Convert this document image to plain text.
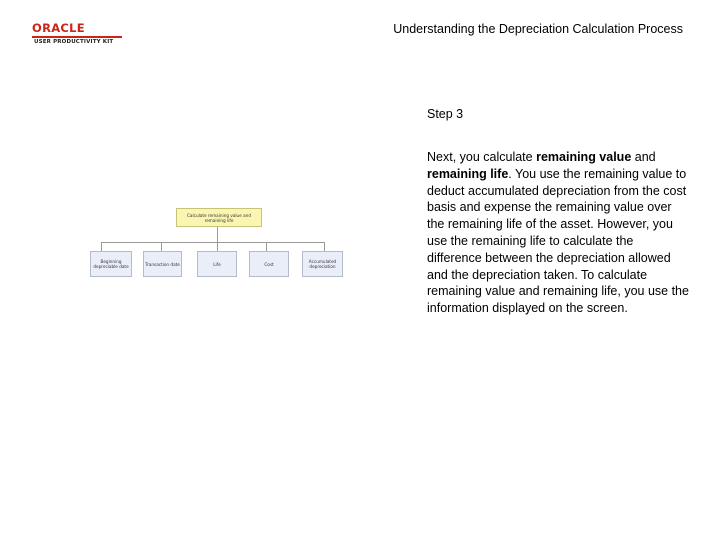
ORACLE
USER PRODUCTIVITY KIT
Understanding the Depreciation Calculation Process
Step 3
Next, you calculate remaining value and remaining life. You use the remaining value to deduct accumulated depreciation from the cost basis and expense the remaining value over the remaining life of the asset. However, you use the remaining life to calculate the difference between the depreciation allowed and the depreciation taken. To calculate remaining value and remaining life, you use the information displayed on the screen.
Calculate remaining value and remaining life
Beginning depreciable date	Transaction date	Life	Cost	Accumulated depreciation
